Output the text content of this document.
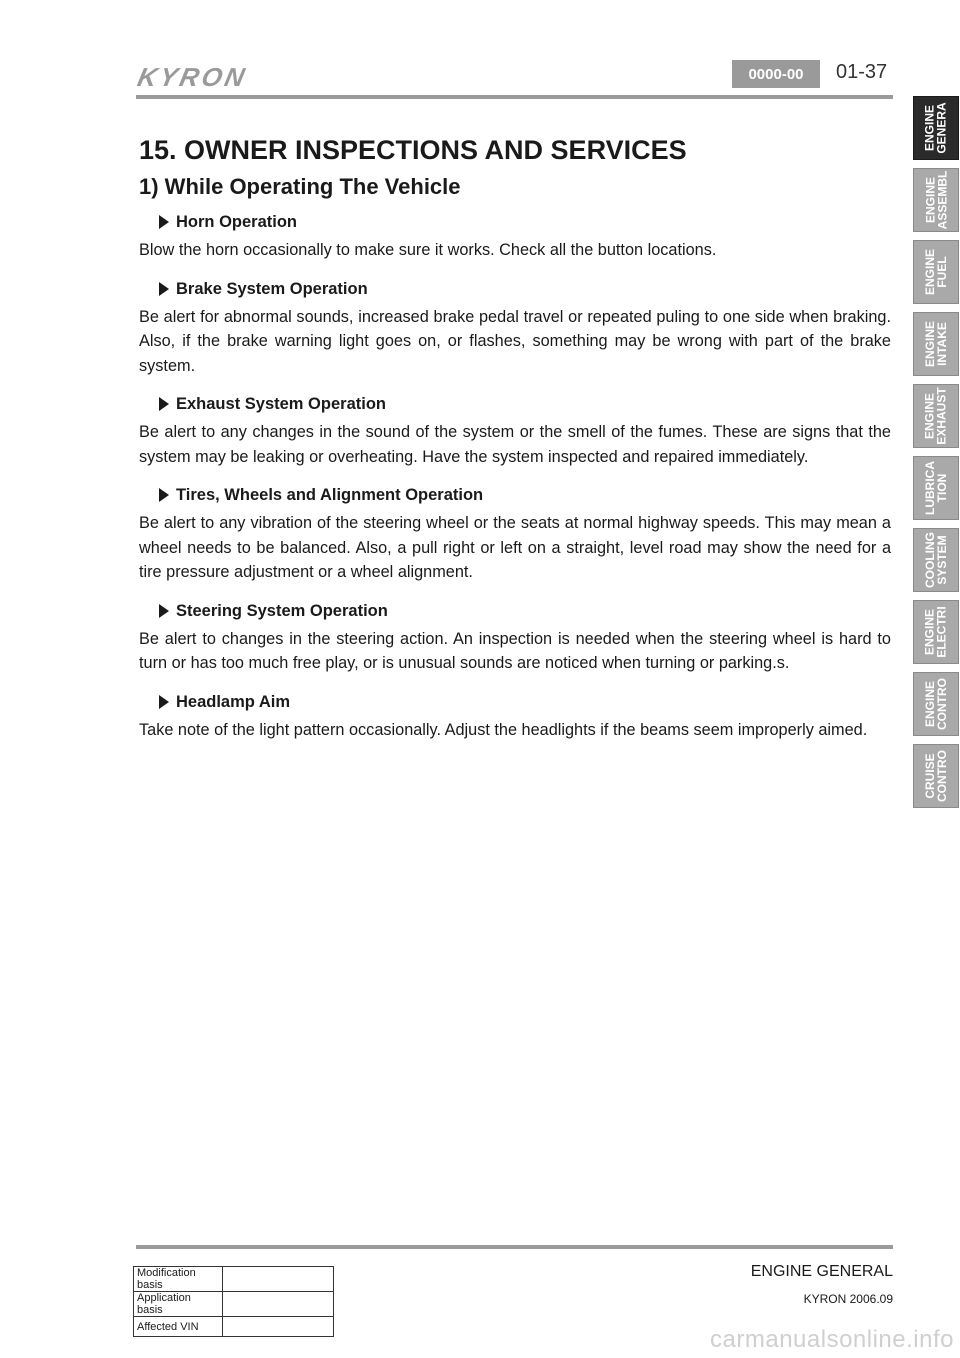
KYRON	0000-00	01-37
15. OWNER INSPECTIONS AND SERVICES
1) While Operating The Vehicle
Horn Operation
Blow the horn occasionally to make sure it works. Check all the button locations.
Brake System Operation
Be alert for abnormal sounds, increased brake pedal travel or repeated puling to one side when braking. Also, if the brake warning light goes on, or flashes, something may be wrong with part of the brake system.
Exhaust System Operation
Be alert to any changes in the sound of the system or the smell of the fumes. These are signs that the system may be leaking or overheating. Have the system inspected and repaired immediately.
Tires, Wheels and Alignment Operation
Be alert to any vibration of the steering wheel or the seats at normal highway speeds. This may mean a wheel needs to be balanced. Also, a pull right or left on a straight, level road may show the need for a tire pressure adjustment or a wheel alignment.
Steering System Operation
Be alert to changes in the steering action. An inspection is needed when the steering wheel is hard to turn or has too much free play, or is unusual sounds are noticed when turning or parking.s.
Headlamp Aim
Take note of the light pattern occasionally. Adjust the headlights if the beams seem improperly aimed.
ENGINE
GENERA
ENGINE
ASSEMBL
ENGINE
FUEL
ENGINE
INTAKE
ENGINE
EXHAUST
LUBRICA
TION
COOLING
SYSTEM
ENGINE
ELECTRI
ENGINE
CONTRO
CRUISE
CONTRO
Modification basis	
Application basis	
Affected VIN	
ENGINE GENERAL
KYRON 2006.09
carmanualsonline.info
